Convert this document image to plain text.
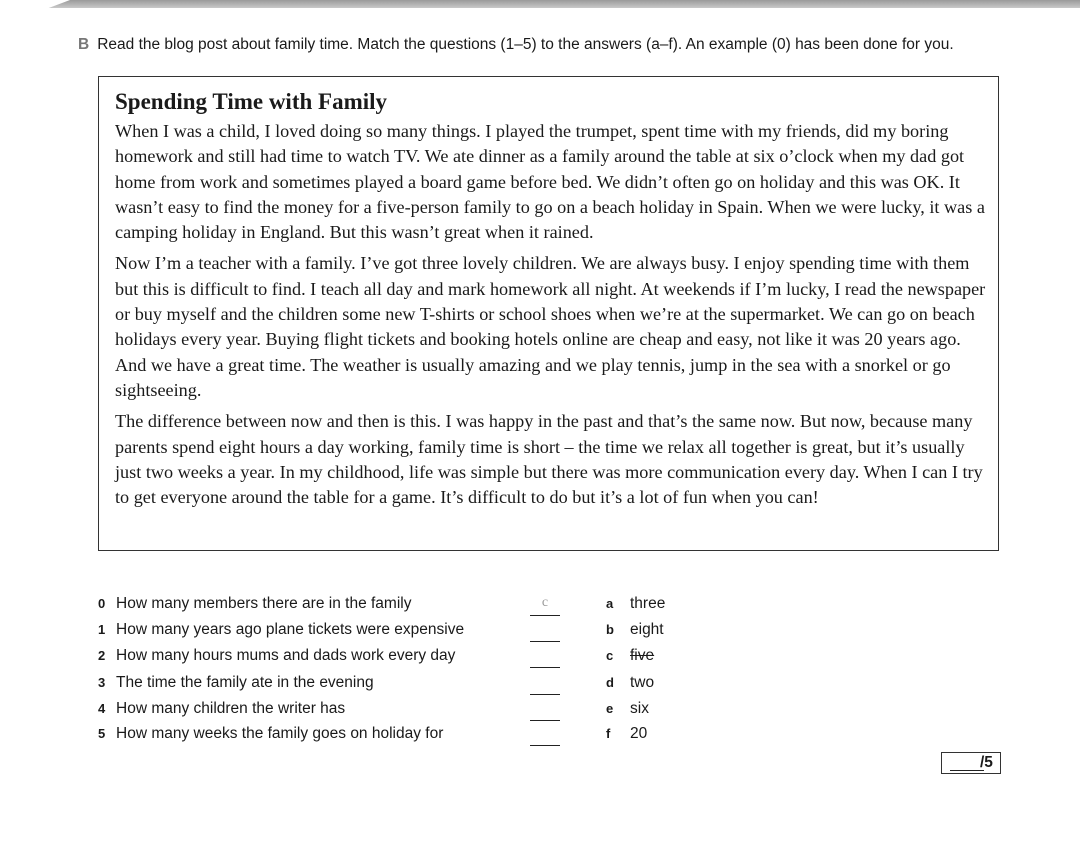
B Read the blog post about family time. Match the questions (1–5) to the answers (a–f). An example (0) has been done for you.
Spending Time with Family

When I was a child, I loved doing so many things. I played the trumpet, spent time with my friends, did my boring homework and still had time to watch TV. We ate dinner as a family around the table at six o’clock when my dad got home from work and sometimes played a board game before bed. We didn’t often go on holiday and this was OK. It wasn’t easy to find the money for a five-person family to go on a beach holiday in Spain. When we were lucky, it was a camping holiday in England. But this wasn’t great when it rained.

Now I’m a teacher with a family. I’ve got three lovely children. We are always busy. I enjoy spending time with them but this is difficult to find. I teach all day and mark homework all night. At weekends if I’m lucky, I read the newspaper or buy myself and the children some new T-shirts or school shoes when we’re at the supermarket. We can go on beach holidays every year. Buying flight tickets and booking hotels online are cheap and easy, not like it was 20 years ago. And we have a great time. The weather is usually amazing and we play tennis, jump in the sea with a snorkel or go sightseeing.

The difference between now and then is this. I was happy in the past and that’s the same now. But now, because many parents spend eight hours a day working, family time is short – the time we relax all together is great, but it’s usually just two weeks a year. In my childhood, life was simple but there was more communication every day. When I can I try to get everyone around the table for a game. It’s difficult to do but it’s a lot of fun when you can!

0 How many members there are in the family	c
1 How many years ago plane tickets were expensive
2 How many hours mums and dads work every day
3 The time the family ate in the evening
4 How many children the writer has
5 How many weeks the family goes on holiday for
a three
b eight
c five
d two
e six
f 20
/5
